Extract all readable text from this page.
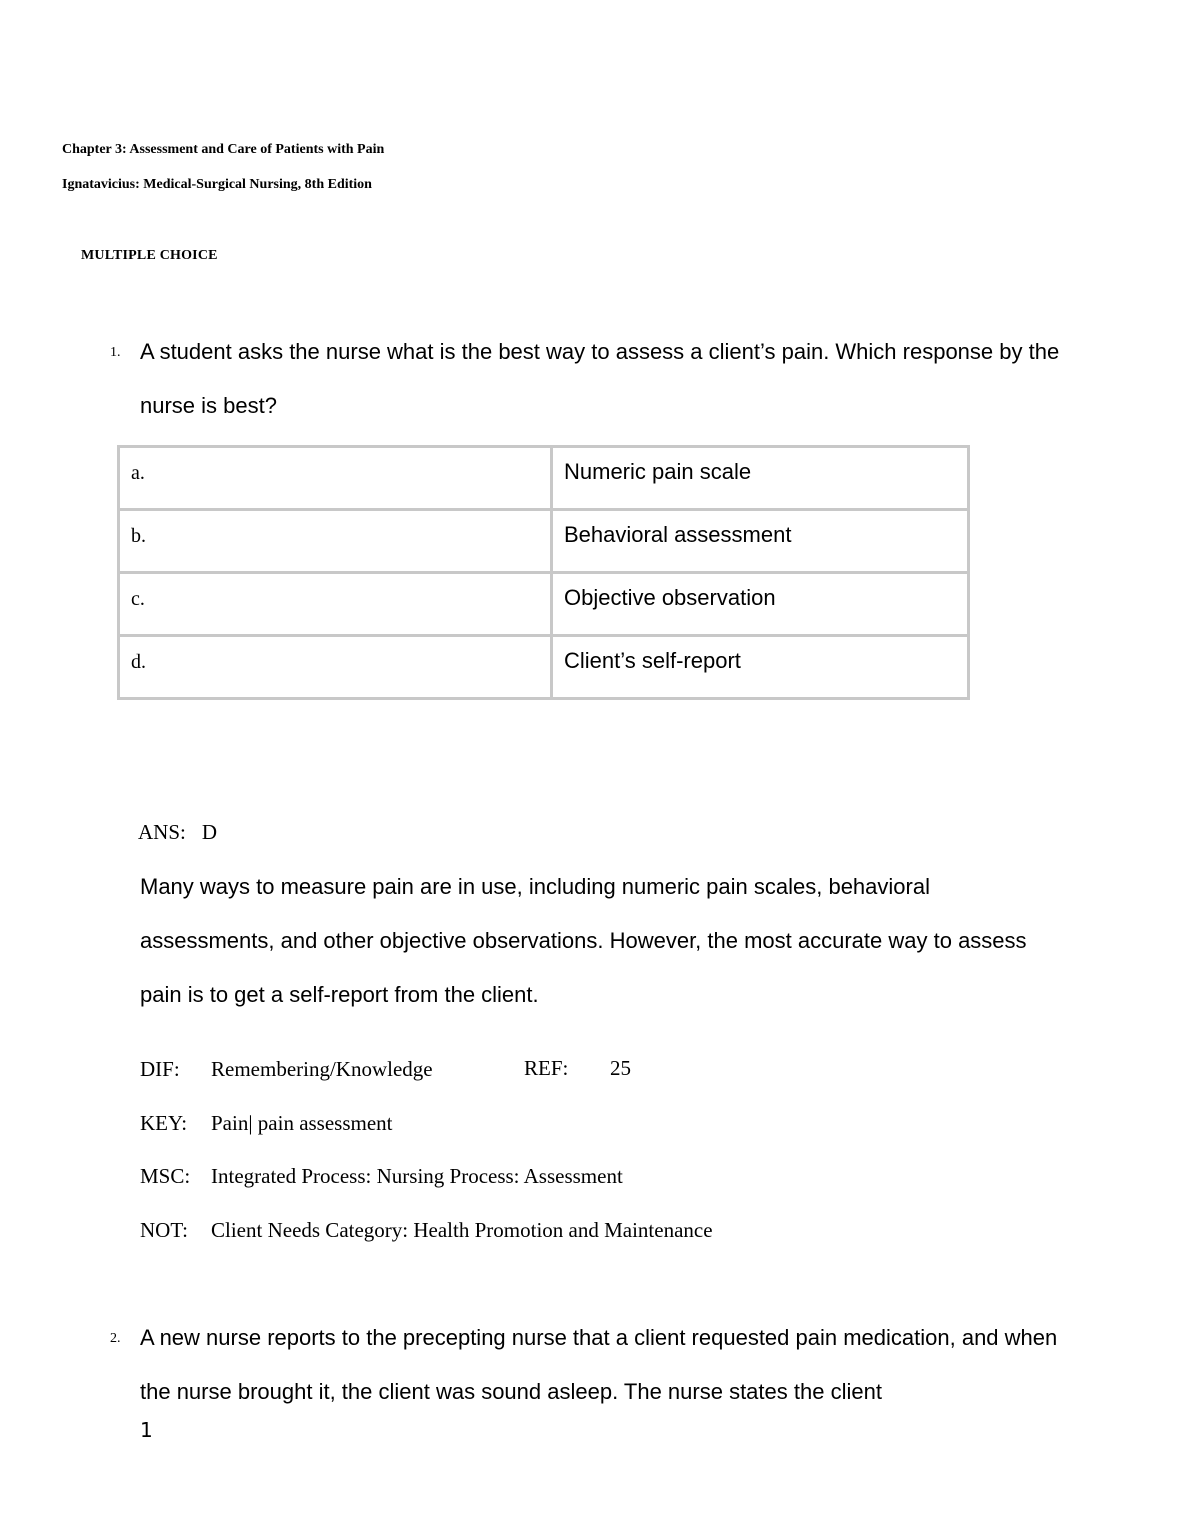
Chapter 3: Assessment and Care of Patients with Pain
Ignatavicius: Medical-Surgical Nursing, 8th Edition
MULTIPLE CHOICE
1. A student asks the nurse what is the best way to assess a client’s pain. Which response by the nurse is best?
a.	Numeric pain scale

b.	Behavioral assessment

c.	Objective observation

d.	Client’s self-report
ANS: D
Many ways to measure pain are in use, including numeric pain scales, behavioral assessments, and other objective observations. However, the most accurate way to assess pain is to get a self-report from the client.
DIF: Remembering/Knowledge	REF: 25
KEY: Pain| pain assessment
MSC: Integrated Process: Nursing Process: Assessment
NOT: Client Needs Category: Health Promotion and Maintenance
2. A new nurse reports to the precepting nurse that a client requested pain medication, and when the nurse brought it, the client was sound asleep. The nurse states the client
1
